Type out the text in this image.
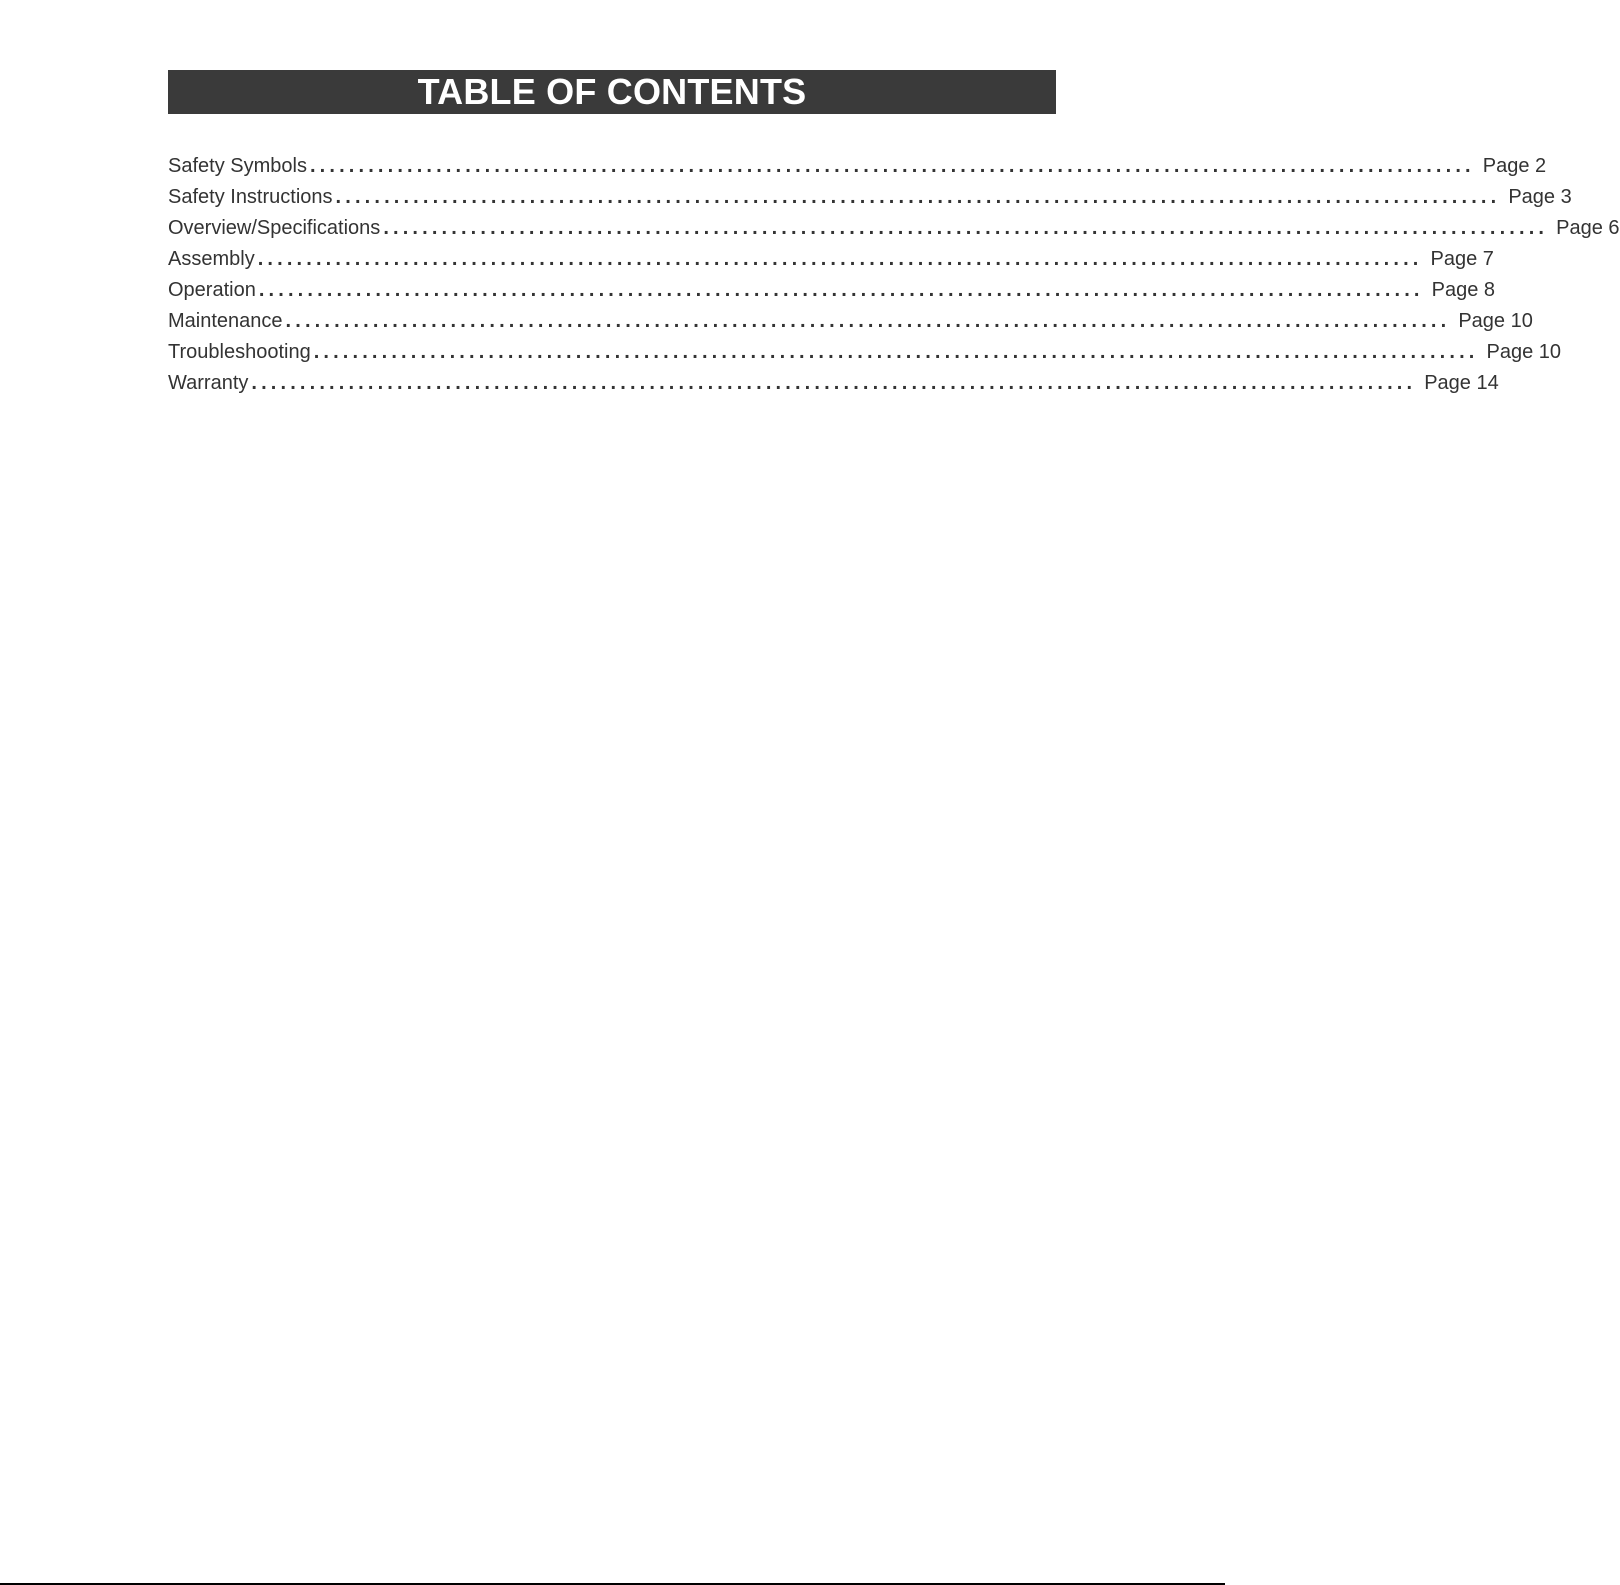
TABLE OF CONTENTS
Safety Symbols ........................................................................................................................ Page 2
Safety Instructions ........................................................................................................................ Page 3
Overview/Specifications ........................................................................................................................ Page 6
Assembly ........................................................................................................................ Page 7
Operation ........................................................................................................................ Page 8
Maintenance ........................................................................................................................ Page 10
Troubleshooting ........................................................................................................................ Page 10
Warranty ........................................................................................................................ Page 14
